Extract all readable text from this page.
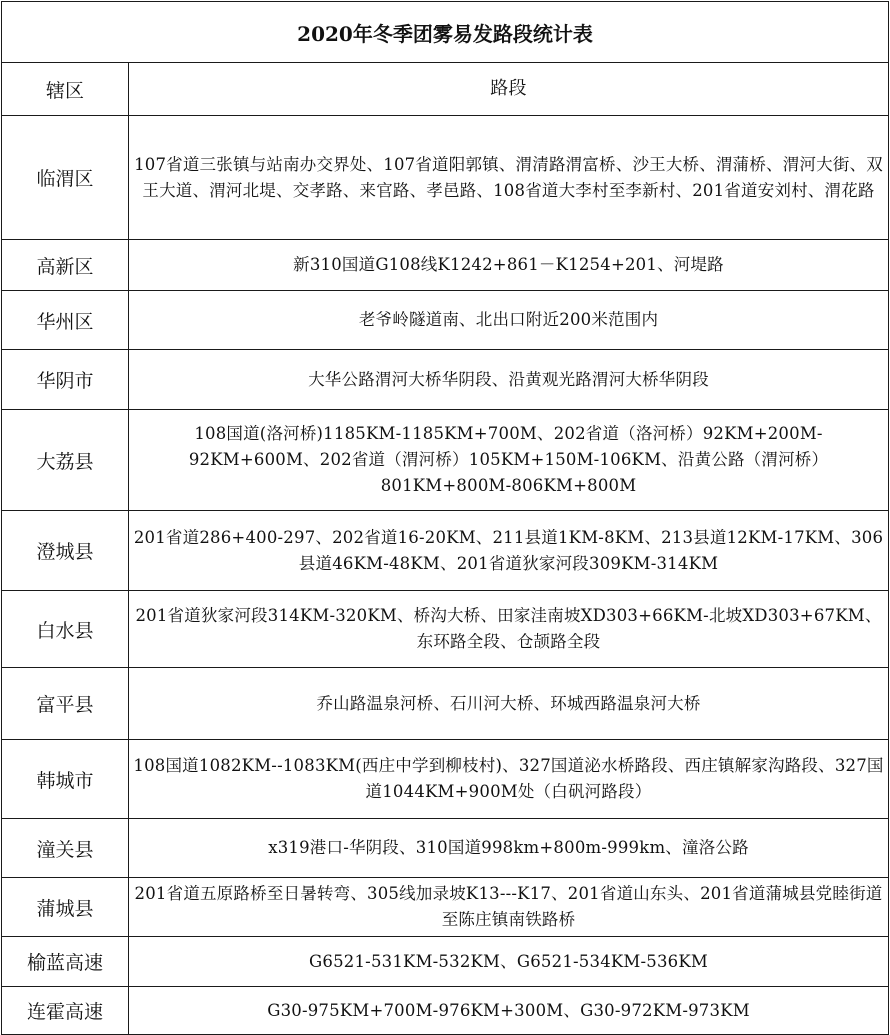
2020年冬季团雾易发路段统计表	
辖区	路段
临渭区	107省道三张镇与站南办交界处、107省道阳郭镇、渭清路渭富桥、沙王大桥、渭蒲桥、渭河大街、双王大道、渭河北堤、交孝路、来官路、孝邑路、108省道大李村至李新村、201省道安刘村、渭花路
高新区	新310国道G108线K1242+861－K1254+201、河堤路
华州区	老爷岭隧道南、北出口附近200米范围内
华阴市	大华公路渭河大桥华阴段、沿黄观光路渭河大桥华阴段
大荔县	108国道(洛河桥)1185KM-1185KM+700M、202省道（洛河桥）92KM+200M-92KM+600M、202省道（渭河桥）105KM+150M-106KM、沿黄公路（渭河桥）801KM+800M-806KM+800M
澄城县	201省道286+400-297、202省道16-20KM、211县道1KM-8KM、213县道12KM-17KM、306县道46KM-48KM、201省道狄家河段309KM-314KM
白水县	201省道狄家河段314KM-320KM、桥沟大桥、田家洼南坡XD303+66KM-北坡XD303+67KM、东环路全段、仓颉路全段
富平县	乔山路温泉河桥、石川河大桥、环城西路温泉河大桥
韩城市	108国道1082KM--1083KM(西庄中学到柳枝村)、327国道泌水桥路段、西庄镇解家沟路段、327国道1044KM+900M处（白矾河路段）
潼关县	x319港口-华阴段、310国道998km+800m-999km、潼洛公路
蒲城县	201省道五原路桥至日暑转弯、305线加录坡K13---K17、201省道山东头、201省道蒲城县党睦街道至陈庄镇南铁路桥
榆蓝高速	G6521-531KM-532KM、G6521-534KM-536KM
连霍高速	G30-975KM+700M-976KM+300M、G30-972KM-973KM
